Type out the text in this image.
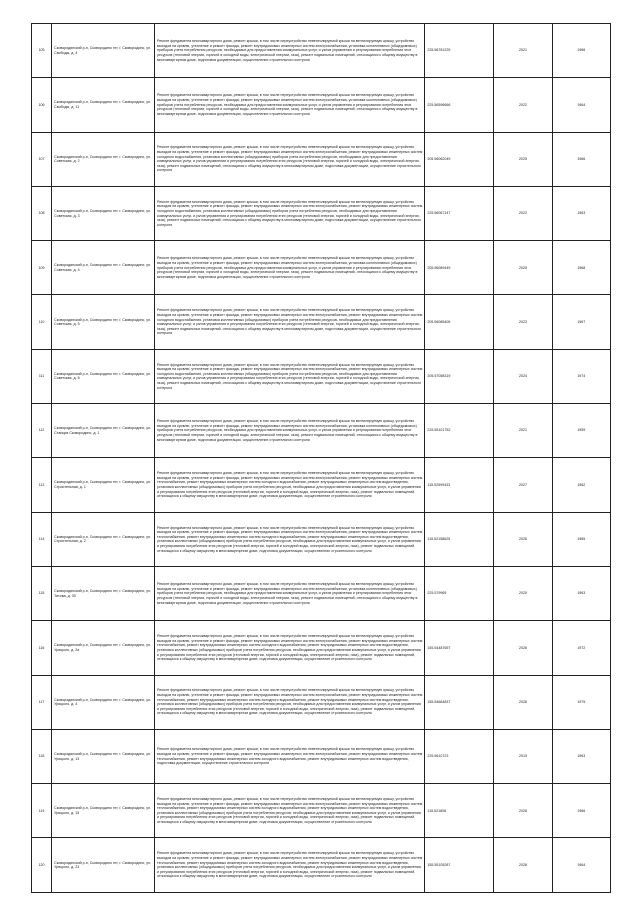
105	Сковородинский р-н, Сковородино пгт, г. Сковородино, ул. Свободы, д. 4	Ремонт фундамента многоквартирного дома, ремонт крыши, в том числе переустройство невентилируемой крыши на вентилируемую крышу, устройство выходов на кровлю, утепление и ремонт фасада, ремонт внутридомовых инженерных систем электроснабжения, установка коллективных (общедомовых) приборов учета потребления ресурсов, необходимых для предоставления коммунальных услуг, и узлов управления и регулирования потребления этих ресурсов (тепловой энергии, горячей и холодной воды, электрической энергии, газа), ремонт подвальных помещений, относящихся к общему имуществу в многоквартирном доме, подготовка документации, осуществление строительного контроля	225.56781225	2021	1966
106	Сковородинский р-н, Сковородино пгт, г. Сковородино, ул. Свободы, д. 11	Ремонт фундамента многоквартирного дома, ремонт крыши, в том числе переустройство невентилируемой крыши на вентилируемую крышу, устройство выходов на кровлю, утепление и ремонт фасада, ремонт внутридомовых инженерных систем электроснабжения, установка коллективных (общедомовых) приборов учета потребления ресурсов, необходимых для предоставления коммунальных услуг, и узлов управления и регулирования потребления этих ресурсов (тепловой энергии, горячей и холодной воды, электрической энергии, газа), ремонт подвальных помещений, относящихся к общему имуществу в многоквартирном доме, подготовка документации, осуществление строительного контроля	225.56596666	2022	1964
107	Сковородинский р-н, Сковородино пгт, г. Сковородино, ул. Советская, д. 2	Ремонт фундамента многоквартирного дома, ремонт крыши, в том числе переустройство невентилируемой крыши на вентилируемую крышу, устройство выходов на кровлю, утепление и ремонт фасада, ремонт внутридомовых инженерных систем электроснабжения, ремонт внутридомовых инженерных систем холодного водоснабжения, установка коллективных (общедомовых) приборов учета потребления ресурсов, необходимых для предоставления коммунальных услуг, и узлов управления и регулирования потребления этих ресурсов (тепловой энергии, горячей и холодной воды, электрической энергии, газа), ремонт подвальных помещений, относящихся к общему имуществу в многоквартирном доме, подготовка документации, осуществление строительного контроля	205.56062049	2025	1966
108	Сковородинский р-н, Сковородино пгт, г. Сковородино, ул. Советская, д. 3	Ремонт фундамента многоквартирного дома, ремонт крыши, в том числе переустройство невентилируемой крыши на вентилируемую крышу, устройство выходов на кровлю, утепление и ремонт фасада, ремонт внутридомовых инженерных систем электроснабжения, ремонт внутридомовых инженерных систем холодного водоснабжения, установка коллективных (общедомовых) приборов учета потребления ресурсов, необходимых для предоставления коммунальных услуг, и узлов управления и регулирования потребления этих ресурсов (тепловой энергии, горячей и холодной воды, электрической энергии, газа), ремонт подвальных помещений, относящихся к общему имуществу в многоквартирном доме, подготовка документации, осуществление строительного контроля	225.56067147	2022	1963
109	Сковородинский р-н, Сковородино пгт, г. Сковородино, ул. Советская, д. 4	Ремонт фундамента многоквартирного дома, ремонт крыши, в том числе переустройство невентилируемой крыши на вентилируемую крышу, устройство выходов на кровлю, утепление и ремонт фасада, ремонт внутридомовых инженерных систем электроснабжения, установка коллективных (общедомовых) приборов учета потребления ресурсов, необходимых для предоставления коммунальных услуг, и узлов управления и регулирования потребления этих ресурсов (тепловой энергии, горячей и холодной воды, электрической энергии, газа), ремонт подвальных помещений, относящихся к общему имуществу в многоквартирном доме, подготовка документации, осуществление строительного контроля	205.56089449	2025	1968
110	Сковородинский р-н, Сковородино пгт, г. Сковородино, ул. Советская, д. 5	Ремонт фундамента многоквартирного дома, ремонт крыши, в том числе переустройство невентилируемой крыши на вентилируемую крышу, устройство выходов на кровлю, утепление и ремонт фасада, ремонт внутридомовых инженерных систем электроснабжения, ремонт внутридомовых инженерных систем холодного водоснабжения, установка коллективных (общедомовых) приборов учета потребления ресурсов, необходимых для предоставления коммунальных услуг, и узлов управления и регулирования потребления этих ресурсов (тепловой энергии, горячей и холодной воды, электрической энергии, газа), ремонт подвальных помещений, относящихся к общему имуществу в многоквартирном доме, подготовка документации, осуществление строительного контроля	205.56085405	2023	1967
111	Сковородинский р-н, Сковородино пгт, г. Сковородино, ул. Советская, д. 6	Ремонт фундамента многоквартирного дома, ремонт крыши, в том числе переустройство невентилируемой крыши на вентилируемую крышу, устройство выходов на кровлю, утепление и ремонт фасада, ремонт внутридомовых инженерных систем электроснабжения, ремонт внутридомовых инженерных систем холодного водоснабжения, установка коллективных (общедомовых) приборов учета потребления ресурсов, необходимых для предоставления коммунальных услуг, и узлов управления и регулирования потребления этих ресурсов (тепловой энергии, горячей и холодной воды, электрической энергии, газа), ремонт подвальных помещений, относящихся к общему имуществу в многоквартирном доме, подготовка документации, осуществление строительного контроля	205.57058319	2024	1974
112	Сковородинский р-н, Сковородино пгт, г. Сковородино, ул. Станция Сковородино, д. 1	Ремонт фундамента многоквартирного дома, ремонт крыши, в том числе переустройство невентилируемой крыши на вентилируемую крышу, устройство выходов на кровлю, утепление и ремонт фасада, ремонт внутридомовых инженерных систем электроснабжения, установка коллективных (общедомовых) приборов учета потребления ресурсов, необходимых для предоставления коммунальных услуг, и узлов управления и регулирования потребления этих ресурсов (тепловой энергии, горячей и холодной воды, электрической энергии, газа), ремонт подвальных помещений, относящихся к общему имуществу в многоквартирном доме, подготовка документации, осуществление строительного контроля	225.55101752	2021	1959
113	Сковородинский р-н, Сковородино пгт, г. Сковородино, ул. Строительная, д. 1	Ремонт фундамента многоквартирного дома, ремонт крыши, в том числе переустройство невентилируемой крыши на вентилируемую крышу, устройство выходов на кровлю, утепление и ремонт фасада, ремонт внутридомовых инженерных систем электроснабжения, ремонт внутридомовых инженерных систем теплоснабжения, ремонт внутридомовых инженерных систем холодного водоснабжения, ремонт внутридомовых инженерных систем водоотведения, установка коллективных (общедомовых) приборов учета потребления ресурсов, необходимых для предоставления коммунальных услуг, и узлов управления и регулирования потребления этих ресурсов (тепловой энергии, горячей и холодной воды, электрической энергии, газа), ремонт подвальных помещений, относящихся к общему имуществу в многоквартирном доме, подготовка документации, осуществление строительного контроля	115.52599433	2027	1962
114	Сковородинский р-н, Сковородино пгт, г. Сковородино, ул. Строительная, д. 2	Ремонт фундамента многоквартирного дома, ремонт крыши, в том числе переустройство невентилируемой крыши на вентилируемую крышу, устройство выходов на кровлю, утепление и ремонт фасада, ремонт внутридомовых инженерных систем электроснабжения, ремонт внутридомовых инженерных систем теплоснабжения, ремонт внутридомовых инженерных систем холодного водоснабжения, ремонт внутридомовых инженерных систем водоотведения, установка коллективных (общедомовых) приборов учета потребления ресурсов, необходимых для предоставления коммунальных услуг, и узлов управления и регулирования потребления этих ресурсов (тепловой энергии, горячей и холодной воды, электрической энергии, газа), ремонт подвальных помещений, относящихся к общему имуществу в многоквартирном доме, подготовка документации, осуществление строительного контроля	115.52158625	2026	1965
115	Сковородинский р-н, Сковородино пгт, г. Сковородино, ул. Титова, д. 30	Ремонт фундамента многоквартирного дома, ремонт крыши, в том числе переустройство невентилируемой крыши на вентилируемую крышу, устройство выходов на кровлю, утепление и ремонт фасада, ремонт внутридомовых инженерных систем электроснабжения, установка коллективных (общедомовых) приборов учета потребления ресурсов, необходимых для предоставления коммунальных услуг, и узлов управления и регулирования потребления этих ресурсов (тепловой энергии, горячей и холодной воды, электрической энергии, газа), ремонт подвальных помещений, относящихся к общему имуществу в многоквартирном доме, подготовка документации, осуществление строительного контроля	225.579965	2020	1963
116	Сковородинский р-н, Сковородино пгт, г. Сковородино, ул. Урицкого, д. 2а	Ремонт фундамента многоквартирного дома, ремонт крыши, в том числе переустройство невентилируемой крыши на вентилируемую крышу, устройство выходов на кровлю, утепление и ремонт фасада, ремонт внутридомовых инженерных систем электроснабжения, ремонт внутридомовых инженерных систем теплоснабжения, ремонт внутридомовых инженерных систем холодного водоснабжения, ремонт внутридомовых инженерных систем водоотведения, установка коллективных (общедомовых) приборов учета потребления ресурсов, необходимых для предоставления коммунальных услуг, и узлов управления и регулирования потребления этих ресурсов (тепловой энергии, горячей и холодной воды, электрической энергии, газа), ремонт подвальных помещений, относящихся к общему имуществу в многоквартирном доме, подготовка документации, осуществление строительного контроля	155.54487657	2026	1972
117	Сковородинский р-н, Сковородино пгт, г. Сковородино, ул. Урицкого, д. 4	Ремонт фундамента многоквартирного дома, ремонт крыши, в том числе переустройство невентилируемой крыши на вентилируемую крышу, устройство выходов на кровлю, утепление и ремонт фасада, ремонт внутридомовых инженерных систем электроснабжения, ремонт внутридомовых инженерных систем теплоснабжения, ремонт внутридомовых инженерных систем холодного водоснабжения, ремонт внутридомовых инженерных систем водоотведения, установка коллективных (общедомовых) приборов учета потребления ресурсов, необходимых для предоставления коммунальных услуг, и узлов управления и регулирования потребления этих ресурсов (тепловой энергии, горячей и холодной воды, электрической энергии, газа), ремонт подвальных помещений, относящихся к общему имуществу в многоквартирном доме, подготовка документации, осуществление строительного контроля	155.54684837	2026	1975
118	Сковородинский р-н, Сковородино пгт, г. Сковородино, ул. Урицкого, д. 13	Ремонт фундамента многоквартирного дома, ремонт крыши, в том числе переустройство невентилируемой крыши на вентилируемую крышу, устройство выходов на кровлю, утепление и ремонт фасада, ремонт внутридомовых инженерных систем электроснабжения, ремонт внутридомовых инженерных систем теплоснабжения, ремонт внутридомовых инженерных систем холодного водоснабжения, ремонт внутридомовых инженерных систем водоотведения, подготовка документации, осуществление строительного контроля	225.5610723	2019	1963
119	Сковородинский р-н, Сковородино пгт, г. Сковородино, ул. Урицкого, д. 15	Ремонт фундамента многоквартирного дома, ремонт крыши, в том числе переустройство невентилируемой крыши на вентилируемую крышу, устройство выходов на кровлю, утепление и ремонт фасада, ремонт внутридомовых инженерных систем электроснабжения, ремонт внутридомовых инженерных систем теплоснабжения, ремонт внутридомовых инженерных систем холодного водоснабжения, ремонт внутридомовых инженерных систем водоотведения, установка коллективных (общедомовых) приборов учета потребления ресурсов, необходимых для предоставления коммунальных услуг, и узлов управления и регулирования потребления этих ресурсов (тепловой энергии, горячей и холодной воды, электрической энергии, газа), ремонт подвальных помещений, относящихся к общему имуществу в многоквартирном доме, подготовка документации, осуществление строительного контроля	115.521808	2028	1966
120	Сковородинский р-н, Сковородино пгт, г. Сковородино, ул. Урицкого, д. 23	Ремонт фундамента многоквартирного дома, ремонт крыши, в том числе переустройство невентилируемой крыши на вентилируемую крышу, устройство выходов на кровлю, утепление и ремонт фасада, ремонт внутридомовых инженерных систем электроснабжения, ремонт внутридомовых инженерных систем теплоснабжения, ремонт внутридомовых инженерных систем холодного водоснабжения, ремонт внутридомовых инженерных систем водоотведения, установка коллективных (общедомовых) приборов учета потребления ресурсов, необходимых для предоставления коммунальных услуг, и узлов управления и регулирования потребления этих ресурсов (тепловой энергии, горячей и холодной воды, электрической энергии, газа), ремонт подвальных помещений, относящихся к общему имуществу в многоквартирном доме, подготовка документации, осуществление строительного контроля	155.55105287	2028	1964
